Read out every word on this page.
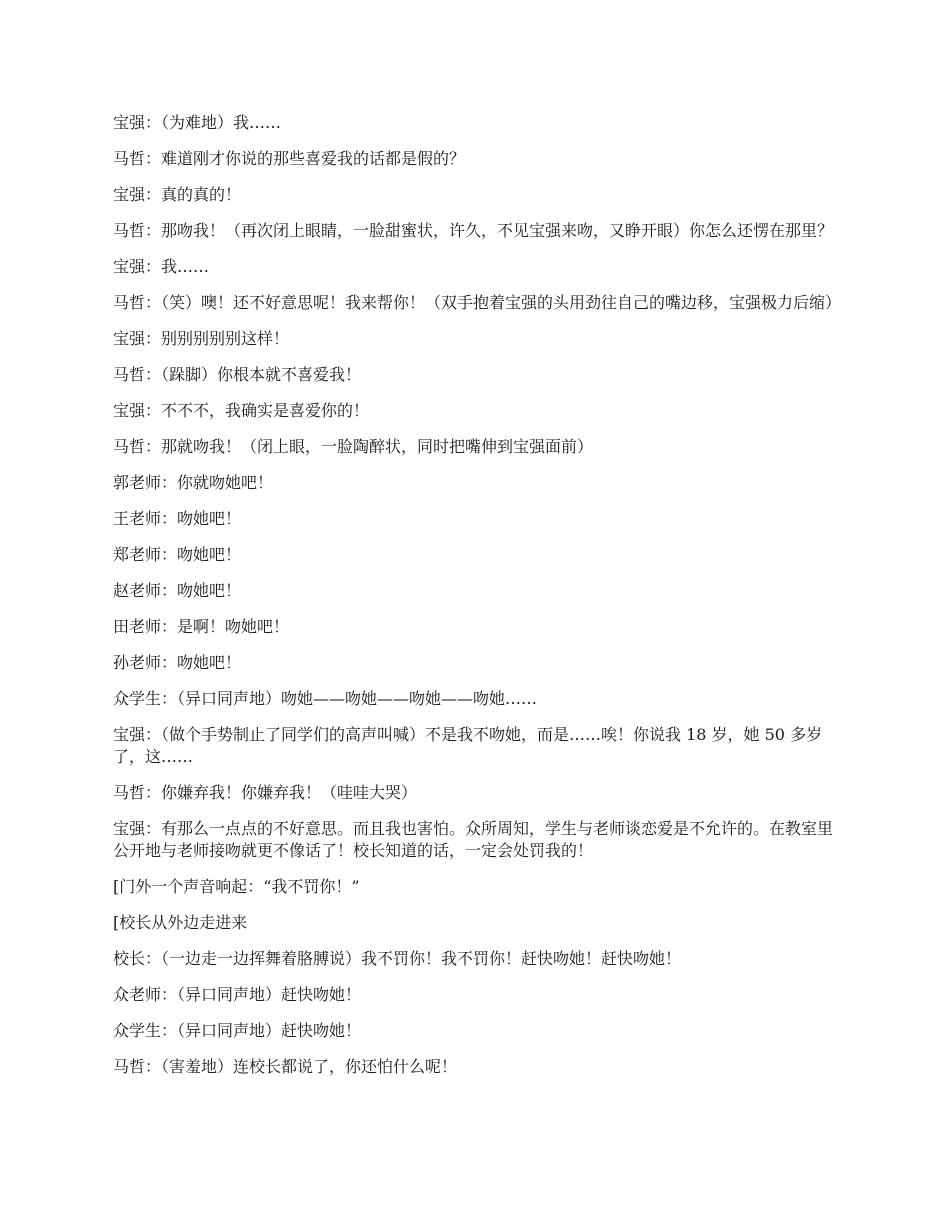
宝强：（为难地）我……

马哲：难道刚才你说的那些喜爱我的话都是假的？

宝强：真的真的！

马哲：那吻我！（再次闭上眼睛，一脸甜蜜状，许久，不见宝强来吻，又睁开眼）你怎么还愣在那里？

宝强：我……

马哲：（笑）噢！还不好意思呢！我来帮你！（双手抱着宝强的头用劲往自己的嘴边移，宝强极力后缩）

宝强：别别别别别这样！

马哲：（跺脚）你根本就不喜爱我！

宝强：不不不，我确实是喜爱你的！

马哲：那就吻我！（闭上眼，一脸陶醉状，同时把嘴伸到宝强面前）

郭老师：你就吻她吧！

王老师：吻她吧！

郑老师：吻她吧！

赵老师：吻她吧！

田老师：是啊！吻她吧！

孙老师：吻她吧！

众学生：（异口同声地）吻她——吻她——吻她——吻她……

宝强：（做个手势制止了同学们的高声叫喊）不是我不吻她，而是……唉！你说我 18 岁，她 50 多岁了，这……

马哲：你嫌弃我！你嫌弃我！（哇哇大哭）

宝强：有那么一点点的不好意思。而且我也害怕。众所周知，学生与老师谈恋爱是不允许的。在教室里公开地与老师接吻就更不像话了！校长知道的话，一定会处罚我的！

[门外一个声音响起：“我不罚你！”

[校长从外边走进来

校长：（一边走一边挥舞着胳膊说）我不罚你！我不罚你！赶快吻她！赶快吻她！

众老师：（异口同声地）赶快吻她！

众学生：（异口同声地）赶快吻她！

马哲：（害羞地）连校长都说了，你还怕什么呢！
